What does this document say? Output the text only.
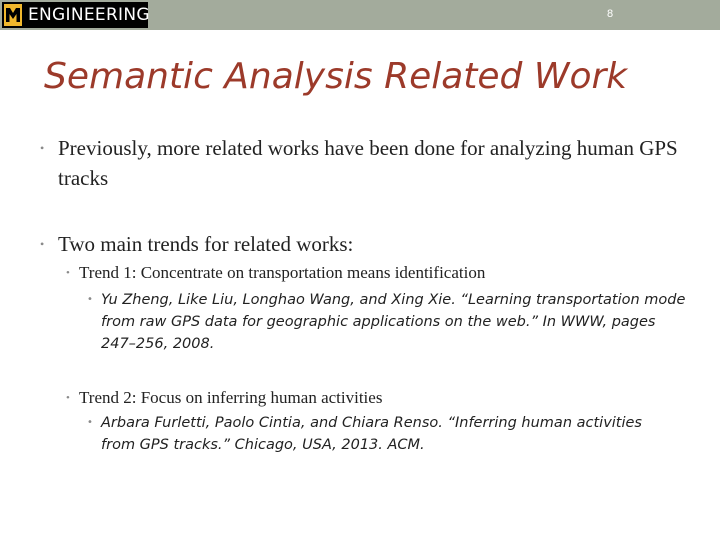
ENGINEERING	8
Semantic Analysis Related Work
• Previously, more related works have been done for analyzing human GPS tracks
• Two main trends for related works:
• Trend 1: Concentrate on transportation means identification
• Yu Zheng, Like Liu, Longhao Wang, and Xing Xie. “Learning transportation mode from raw GPS data for geographic applications on the web.” In WWW, pages 247–256, 2008.
• Trend 2: Focus on inferring human activities
• Arbara Furletti, Paolo Cintia, and Chiara Renso. “Inferring human activities from GPS tracks.” Chicago, USA, 2013. ACM.
